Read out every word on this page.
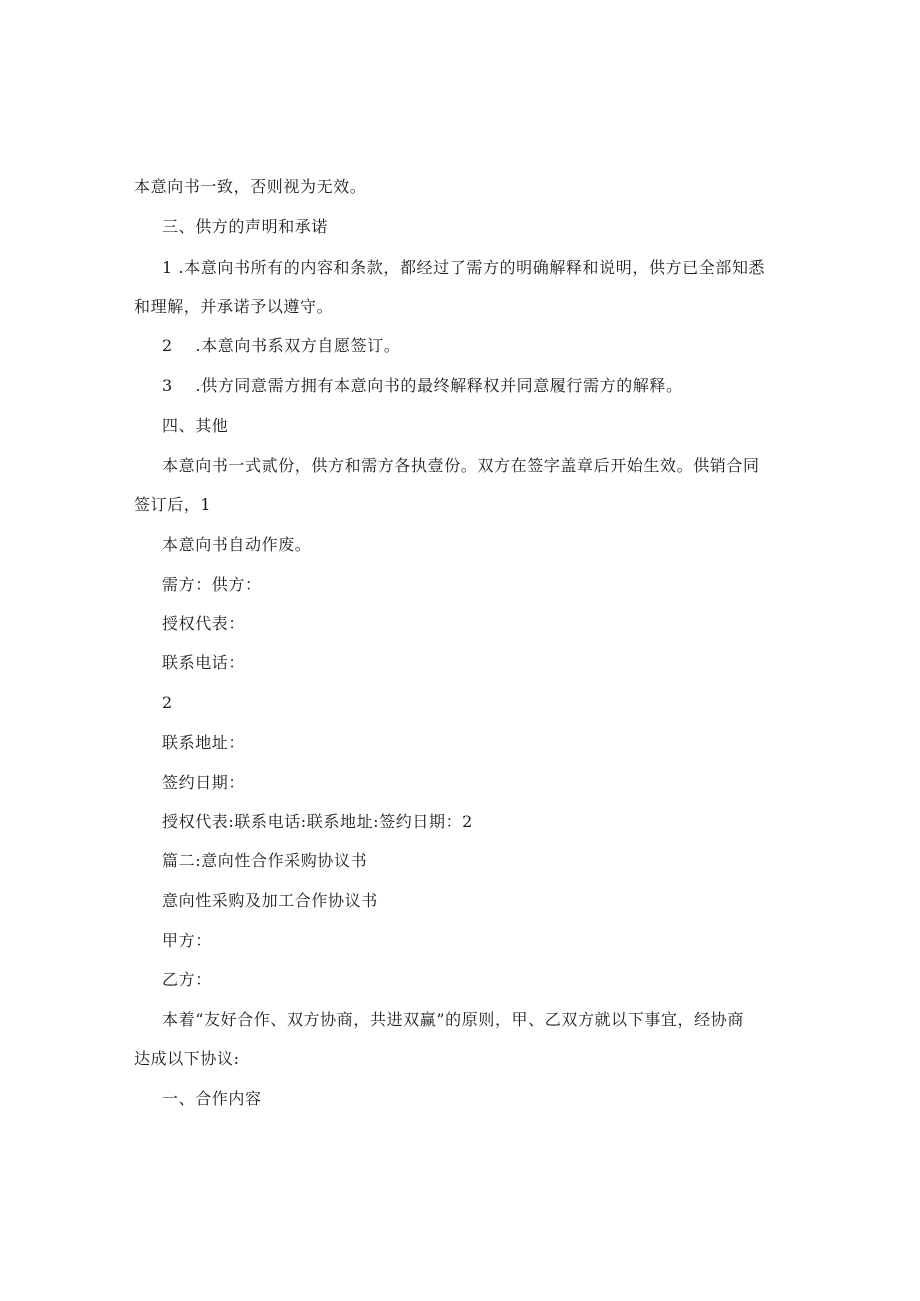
本意向书一致，否则视为无效。
三、供方的声明和承诺
1 .本意向书所有的内容和条款，都经过了需方的明确解释和说明，供方已全部知悉
和理解，并承诺予以遵守。
2    .本意向书系双方自愿签订。
3    .供方同意需方拥有本意向书的最终解释权并同意履行需方的解释。
四、其他
本意向书一式贰份，供方和需方各执壹份。双方在签字盖章后开始生效。供销合同
签订后，1
本意向书自动作废。
需方：供方：
授权代表：
联系电话：
2
联系地址：
签约日期：
授权代表:联系电话:联系地址:签约日期：2
篇二:意向性合作采购协议书
意向性采购及加工合作协议书
甲方：
乙方：
本着“友好合作、双方协商，共进双赢”的原则，甲、乙双方就以下事宜，经协商
达成以下协议:
一、合作内容
